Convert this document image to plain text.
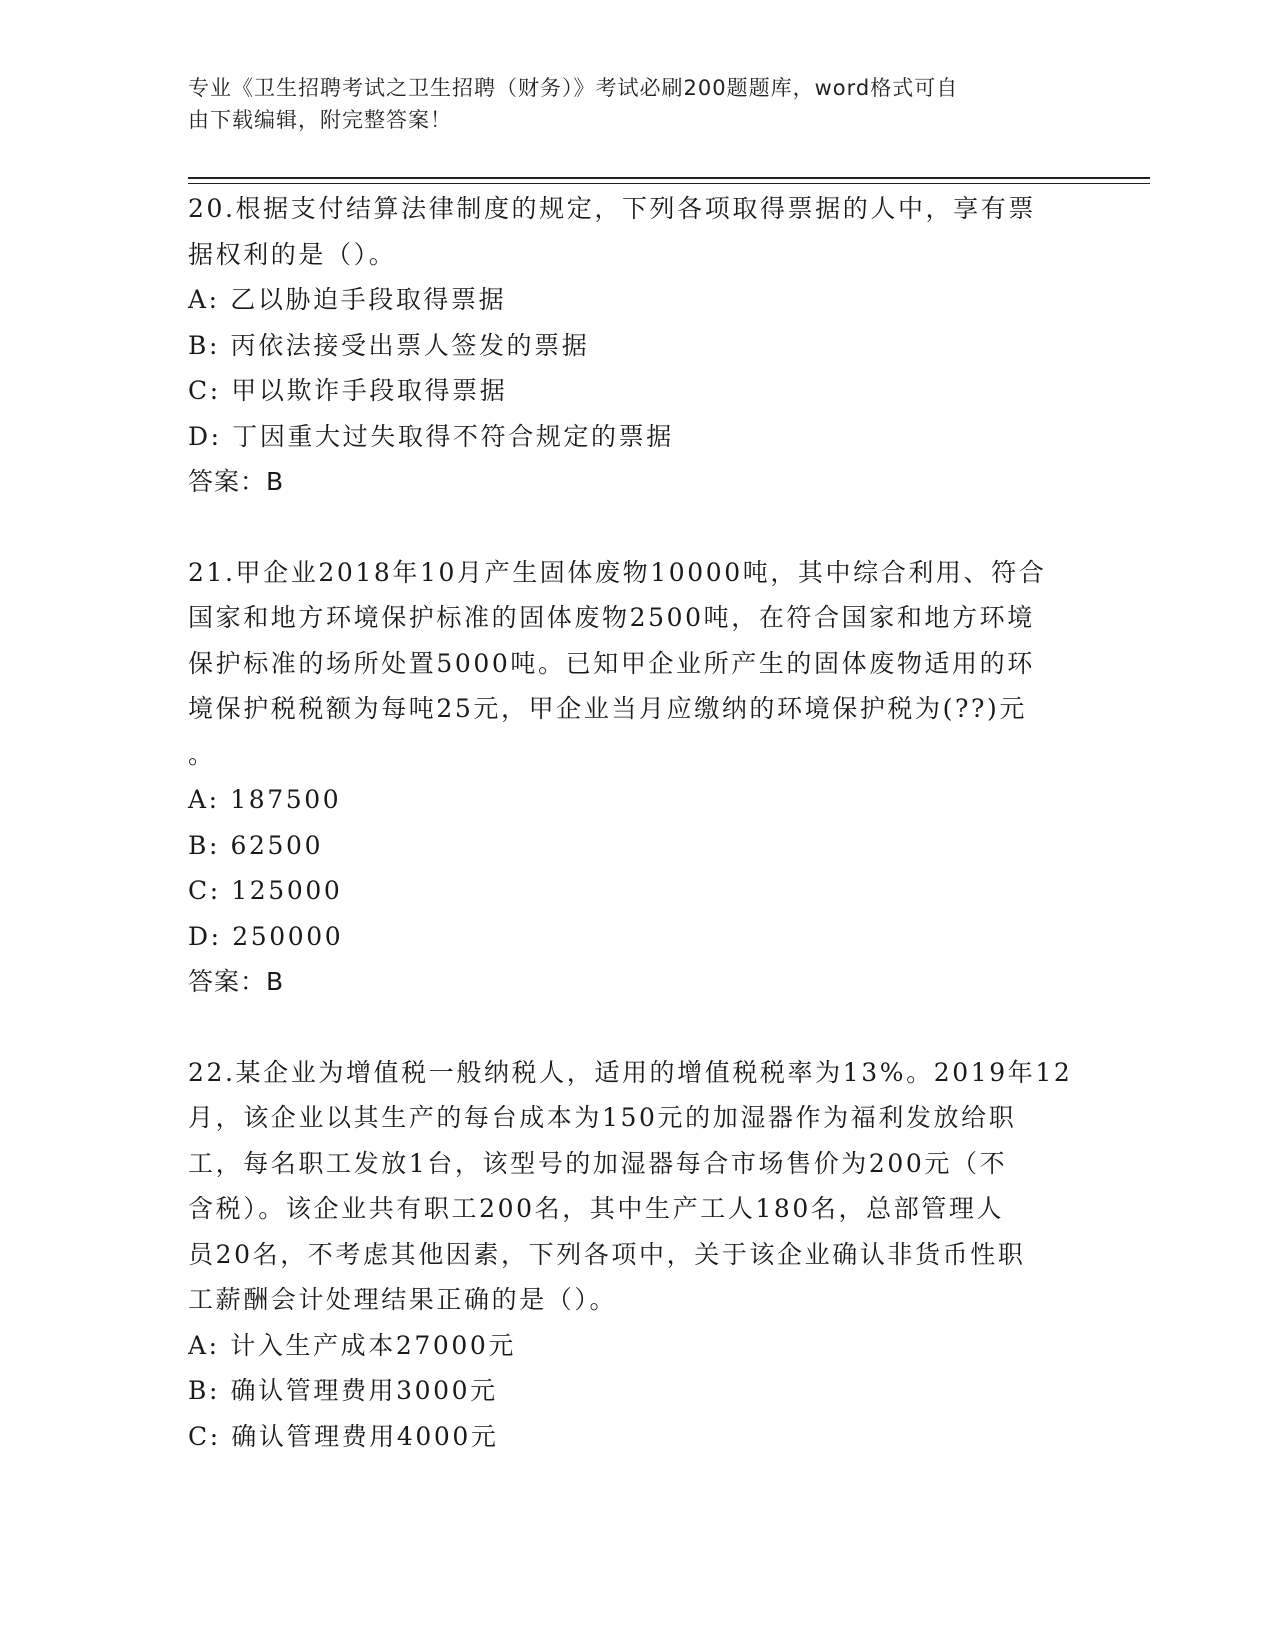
专业《卫生招聘考试之卫生招聘（财务）》考试必刷200题题库，word格式可自
由下载编辑，附完整答案！
20.根据支付结算法律制度的规定，下列各项取得票据的人中，享有票
据权利的是（）。
A: 乙以胁迫手段取得票据
B: 丙依法接受出票人签发的票据
C: 甲以欺诈手段取得票据
D: 丁因重大过失取得不符合规定的票据
答案：B
21.甲企业2018年10月产生固体废物10000吨，其中综合利用、符合
国家和地方环境保护标准的固体废物2500吨，在符合国家和地方环境
保护标准的场所处置5000吨。已知甲企业所产生的固体废物适用的环
境保护税税额为每吨25元，甲企业当月应缴纳的环境保护税为(??)元
。
A: 187500
B: 62500
C: 125000
D: 250000
答案：B
22.某企业为增值税一般纳税人，适用的增值税税率为13%。2019年12
月，该企业以其生产的每台成本为150元的加湿器作为福利发放给职
工，每名职工发放1台，该型号的加湿器每合市场售价为200元（不
含税）。该企业共有职工200名，其中生产工人180名，总部管理人
员20名，不考虑其他因素，下列各项中，关于该企业确认非货币性职
工薪酬会计处理结果正确的是（）。
A: 计入生产成本27000元
B: 确认管理费用3000元
C: 确认管理费用4000元
